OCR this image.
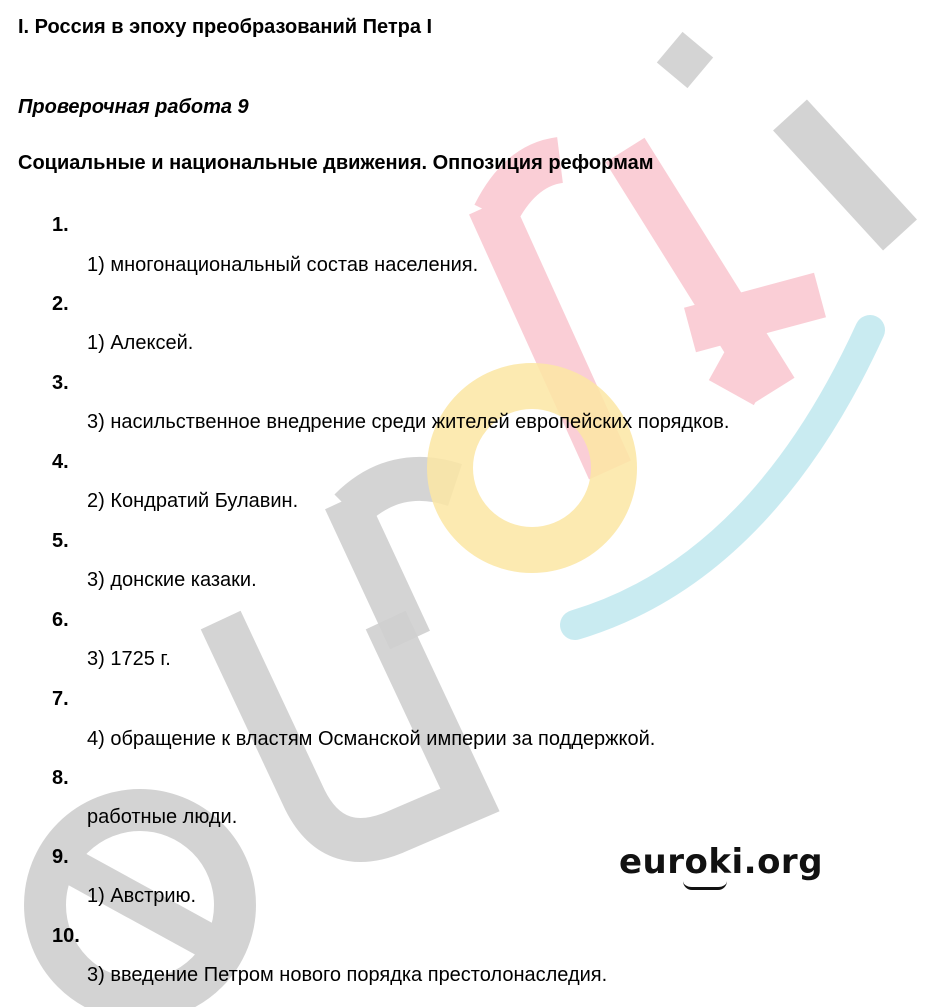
I. Россия в эпоху преобразований Петра I
Проверочная работа 9
Социальные и национальные движения. Оппозиция реформам
1.
1) многонациональный состав населения.
2.
1) Алексей.
3.
3) насильственное внедрение среди жителей европейских порядков.
4.
2) Кондратий Булавин.
5.
3) донские казаки.
6.
3) 1725 г.
7.
4) обращение к властям Османской империи за поддержкой.
8.
работные люди.
9.
1) Австрию.
10.
3) введение Петром нового порядка престолонаследия.
euroki.org
